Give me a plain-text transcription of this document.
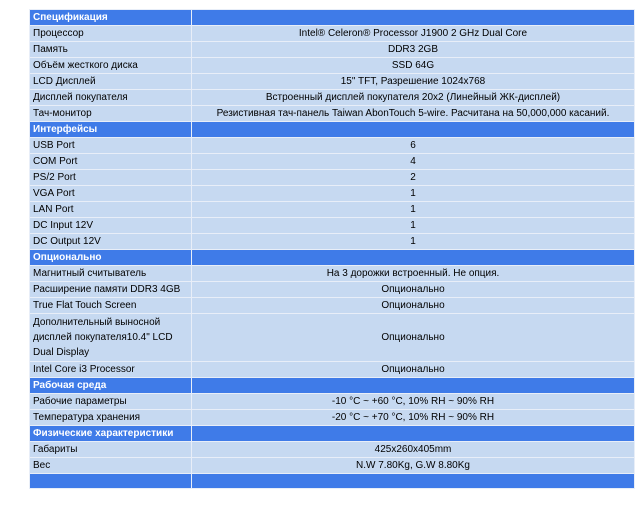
Спецификация	
Процессор	Intel® Celeron® Processor J1900 2 GHz Dual Core
Память	DDR3 2GB
Объём жесткого диска	SSD 64G
LCD Дисплей	15" TFT, Разрешение 1024x768
Дисплей покупателя	Встроенный дисплей покупателя 20x2 (Линейный ЖК-дисплей)
Тач-монитор	Резистивная тач-панель Taiwan AbonTouch 5-wire. Расчитана на 50,000,000 касаний.
Интерфейсы	
USB Port	6
COM Port	4
PS/2 Port	2
VGA Port	1
LAN Port	1
DC Input 12V	1
DC Output 12V	1
Опционально	
Магнитный считыватель	На 3 дорожки встроенный. Не опция.
Расширение памяти DDR3 4GB	Опционально
True Flat Touch Screen	Опционально
Дополнительный выносной дисплей покупателя10.4" LCD Dual Display	Опционально
Intel Core i3 Processor	Опционально
Рабочая среда	
Рабочие параметры	-10 °C ~ +60 °C, 10% RH ~ 90% RH
Температура хранения	-20 °C ~ +70 °C, 10% RH ~ 90% RH
Физические характеристики	
Габариты	425x260x405mm
Вес	N.W 7.80Kg, G.W 8.80Kg
